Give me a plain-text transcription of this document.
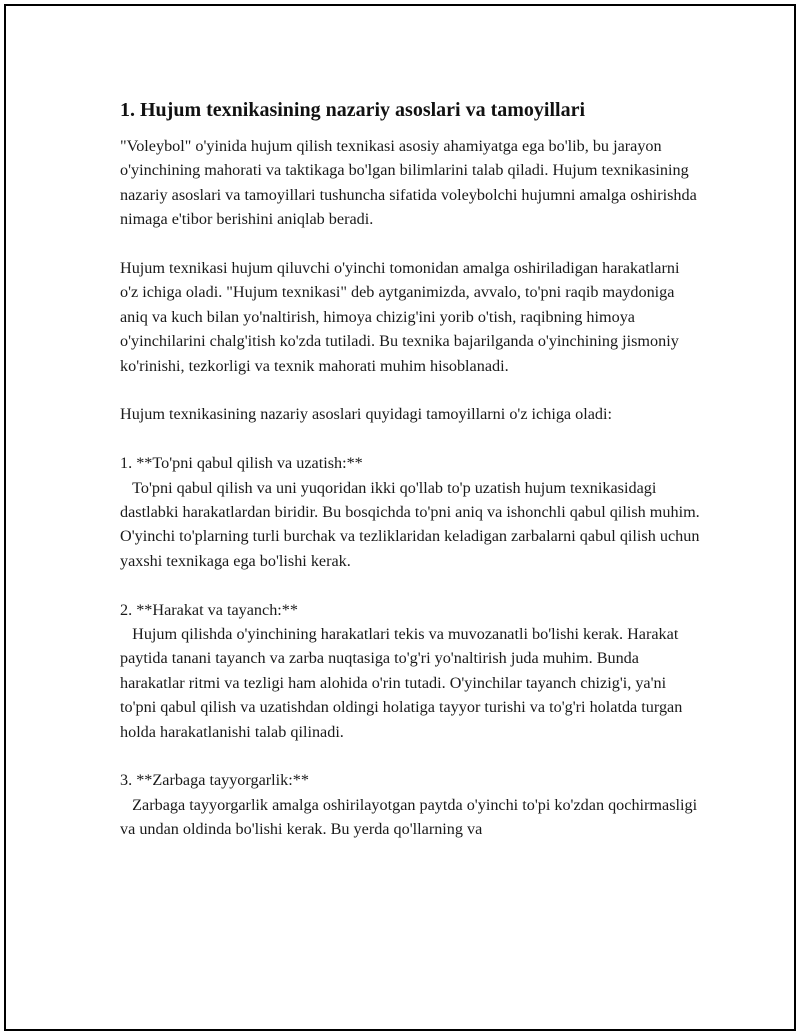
1. Hujum texnikasining nazariy asoslari va tamoyillari

"Voleybol" o'yinida hujum qilish texnikasi asosiy ahamiyatga ega bo'lib, bu jarayon o'yinchining mahorati va taktikaga bo'lgan bilimlarini talab qiladi. Hujum texnikasining nazariy asoslari va tamoyillari tushuncha sifatida voleybolchi hujumni amalga oshirishda nimaga e'tibor berishini aniqlab beradi.

Hujum texnikasi hujum qiluvchi o'yinchi tomonidan amalga oshiriladigan harakatlarni o'z ichiga oladi. "Hujum texnikasi" deb aytganimizda, avvalo, to'pni raqib maydoniga aniq va kuch bilan yo'naltirish, himoya chizig'ini yorib o'tish, raqibning himoya o'yinchilarini chalg'itish ko'zda tutiladi. Bu texnika bajarilganda o'yinchining jismoniy ko'rinishi, tezkorligi va texnik mahorati muhim hisoblanadi.

Hujum texnikasining nazariy asoslari quyidagi tamoyillarni o'z ichiga oladi:

1. **To'pni qabul qilish va uzatish:**

To'pni qabul qilish va uni yuqoridan ikki qo'llab to'p uzatish hujum texnikasidagi dastlabki harakatlardan biridir. Bu bosqichda to'pni aniq va ishonchli qabul qilish muhim. O'yinchi to'plarning turli burchak va tezliklaridan keladigan zarbalarni qabul qilish uchun yaxshi texnikaga ega bo'lishi kerak.

2. **Harakat va tayanch:**

Hujum qilishda o'yinchining harakatlari tekis va muvozanatli bo'lishi kerak. Harakat paytida tanani tayanch va zarba nuqtasiga to'g'ri yo'naltirish juda muhim. Bunda harakatlar ritmi va tezligi ham alohida o'rin tutadi. O'yinchilar tayanch chizig'i, ya'ni to'pni qabul qilish va uzatishdan oldingi holatiga tayyor turishi va to'g'ri holatda turgan holda harakatlanishi talab qilinadi.

3. **Zarbaga tayyorgarlik:**

Zarbaga tayyorgarlik amalga oshirilayotgan paytda o'yinchi to'pi ko'zdan qochirmasligi va undan oldinda bo'lishi kerak. Bu yerda qo'llarning va
